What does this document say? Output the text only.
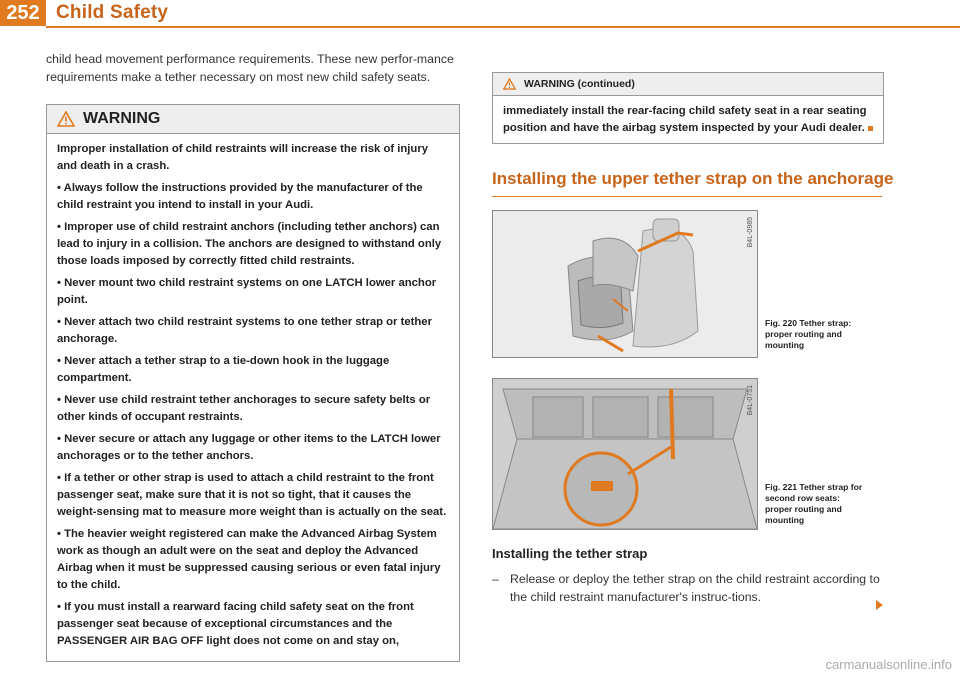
252 Child Safety

child head movement performance requirements. These new perfor-mance requirements make a tether necessary on most new child safety seats.

WARNING

Improper installation of child restraints will increase the risk of injury and death in a crash.

• Always follow the instructions provided by the manufacturer of the child restraint you intend to install in your Audi.

• Improper use of child restraint anchors (including tether anchors) can lead to injury in a collision. The anchors are designed to withstand only those loads imposed by correctly fitted child restraints.

• Never mount two child restraint systems on one LATCH lower anchor point.

• Never attach two child restraint systems to one tether strap or tether anchorage.

• Never attach a tether strap to a tie-down hook in the luggage compartment.

• Never use child restraint tether anchorages to secure safety belts or other kinds of occupant restraints.

• Never secure or attach any luggage or other items to the LATCH lower anchorages or to the tether anchors.

• If a tether or other strap is used to attach a child restraint to the front passenger seat, make sure that it is not so tight, that it causes the weight-sensing mat to measure more weight than is actually on the seat.

• The heavier weight registered can make the Advanced Airbag System work as though an adult were on the seat and deploy the Advanced Airbag when it must be suppressed causing serious or even fatal injury to the child.

• If you must install a rearward facing child safety seat on the front passenger seat because of exceptional circumstances and the PASSENGER AIR BAG OFF light does not come on and stay on,

WARNING (continued)
immediately install the rear-facing child safety seat in a rear seating position and have the airbag system inspected by your Audi dealer.
Installing the upper tether strap on the anchorage
B4L-0985
Fig. 220 Tether strap: proper routing and mounting
B4L-0751
Fig. 221 Tether strap for second row seats: proper routing and mounting
Installing the tether strap
– Release or deploy the tether strap on the child restraint according to the child restraint manufacturer's instruc-tions.
carmanualsonline.info
